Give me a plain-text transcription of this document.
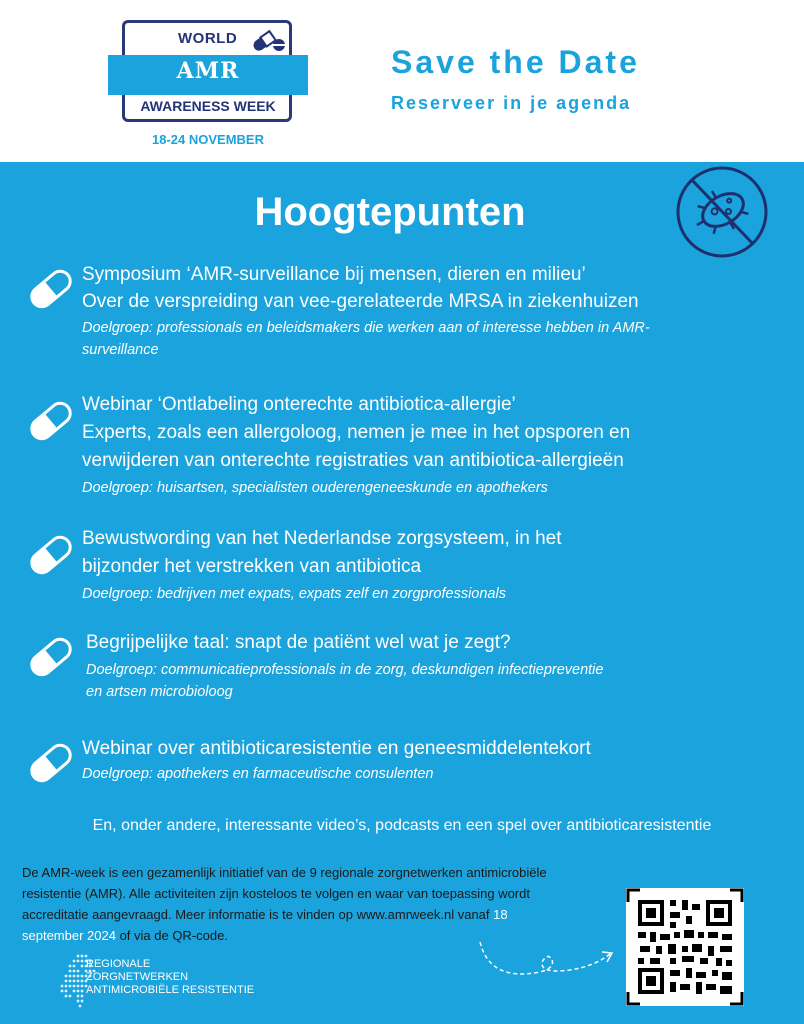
WORLD
AMR
AWARENESS WEEK
18-24 NOVEMBER
Save the Date
Reserveer in je agenda
Hoogtepunten
Symposium ‘AMR-surveillance bij mensen, dieren en milieu’
Over de verspreiding van vee-gerelateerde MRSA in ziekenhuizen
Doelgroep: professionals en beleidsmakers die werken aan of interesse hebben in AMR-
surveillance
Webinar ‘Ontlabeling onterechte antibiotica-allergie’
Experts, zoals een allergoloog, nemen je mee in het opsporen en
verwijderen van onterechte registraties van antibiotica-allergieën
Doelgroep: huisartsen, specialisten ouderengeneeskunde en apothekers
Bewustwording van het Nederlandse zorgsysteem, in het
bijzonder het verstrekken van antibiotica
Doelgroep: bedrijven met expats, expats zelf en zorgprofessionals
Begrijpelijke taal: snapt de patiënt wel wat je zegt?
Doelgroep: communicatieprofessionals in de zorg, deskundigen infectiepreventie
en artsen microbioloog
Webinar over antibioticaresistentie en geneesmiddelentekort
Doelgroep: apothekers en farmaceutische consulenten
En, onder andere, interessante video’s, podcasts en een spel over antibioticaresistentie
De AMR-week is een gezamenlijk initiatief van de 9 regionale zorgnetwerken antimicrobiële resistentie (AMR). Alle activiteiten zijn kosteloos te volgen en waar van toepassing wordt accreditatie aangevraagd. Meer informatie is te vinden op www.amrweek.nl vanaf 18 september 2024 of via de QR-code.
REGIONALE
ZORGNETWERKEN
ANTIMICROBIËLE RESISTENTIE
